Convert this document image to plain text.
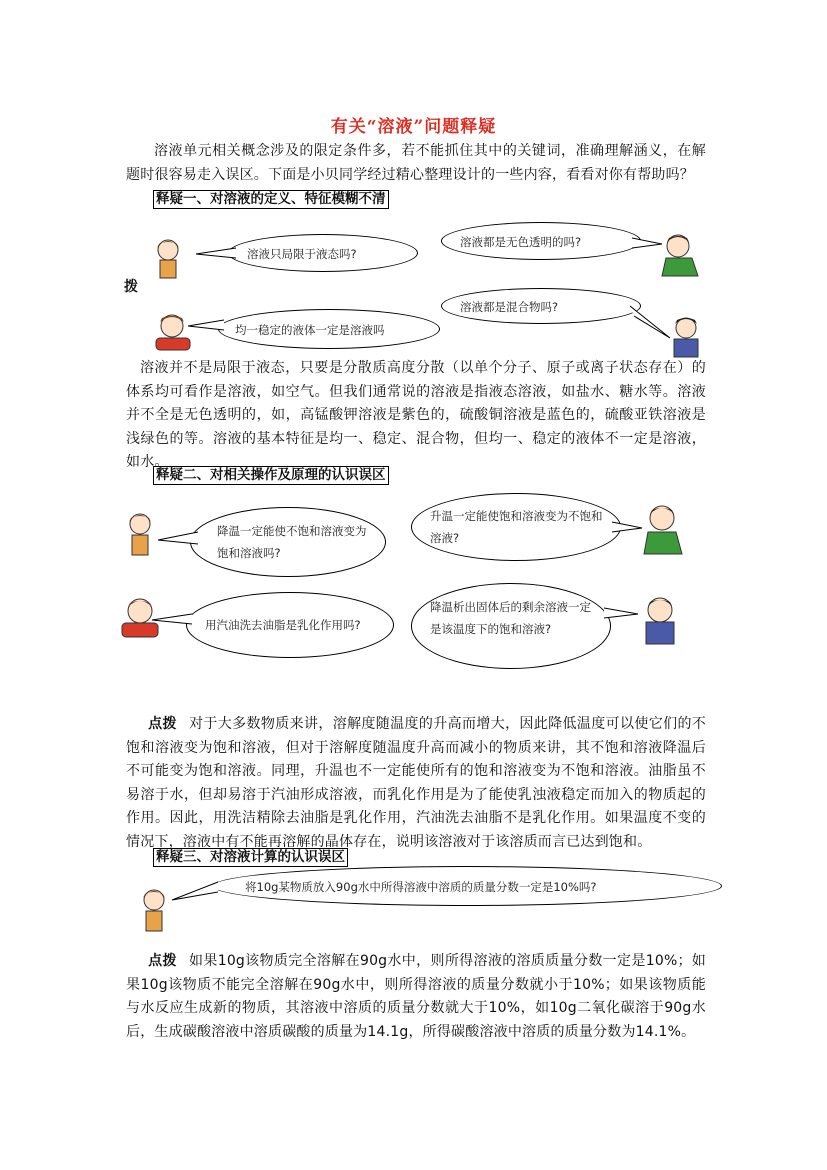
有关“溶液”问题释疑
溶液单元相关概念涉及的限定条件多，若不能抓住其中的关键词，准确理解涵义，在解题时很容易走入误区。下面是小贝同学经过精心整理设计的一些内容，看看对你有帮助吗？
释疑一、对溶液的定义、特征模糊不清
溶液只局限于液态吗?
溶液都是无色透明的吗?
溶液都是混合物吗?
均一稳定的液体一定是溶液吗
拨
溶液并不是局限于液态，只要是分散质高度分散（以单个分子、原子或离子状态存在）的体系均可看作是溶液，如空气。但我们通常说的溶液是指液态溶液，如盐水、糖水等。溶液并不全是无色透明的，如，高锰酸钾溶液是紫色的，硫酸铜溶液是蓝色的，硫酸亚铁溶液是浅绿色的等。溶液的基本特征是均一、稳定、混合物，但均一、稳定的液体不一定是溶液，如水。
释疑二、对相关操作及原理的认识误区
降温一定能使不饱和溶液变为饱和溶液吗?
升温一定能使饱和溶液变为不饱和溶液?
用汽油洗去油脂是乳化作用吗?
降温析出固体后的剩余溶液一定是该温度下的饱和溶液?
点拨 对于大多数物质来讲，溶解度随温度的升高而增大，因此降低温度可以使它们的不饱和溶液变为饱和溶液，但对于溶解度随温度升高而减小的物质来讲，其不饱和溶液降温后不可能变为饱和溶液。同理，升温也不一定能使所有的饱和溶液变为不饱和溶液。油脂虽不易溶于水，但却易溶于汽油形成溶液，而乳化作用是为了能使乳浊液稳定而加入的物质起的作用。因此，用洗洁精除去油脂是乳化作用，汽油洗去油脂不是乳化作用。如果温度不变的情况下，溶液中有不能再溶解的晶体存在，说明该溶液对于该溶质而言已达到饱和。
释疑三、对溶液计算的认识误区
将10g某物质放入90g水中所得溶液中溶质的质量分数一定是10%吗?
点拨 如果10g该物质完全溶解在90g水中，则所得溶液的溶质质量分数一定是10%；如果10g该物质不能完全溶解在90g水中，则所得溶液的质量分数就小于10%；如果该物质能与水反应生成新的物质，其溶液中溶质的质量分数就大于10%，如10g二氧化碳溶于90g水后，生成碳酸溶液中溶质碳酸的质量为14.1g，所得碳酸溶液中溶质的质量分数为14.1%。
